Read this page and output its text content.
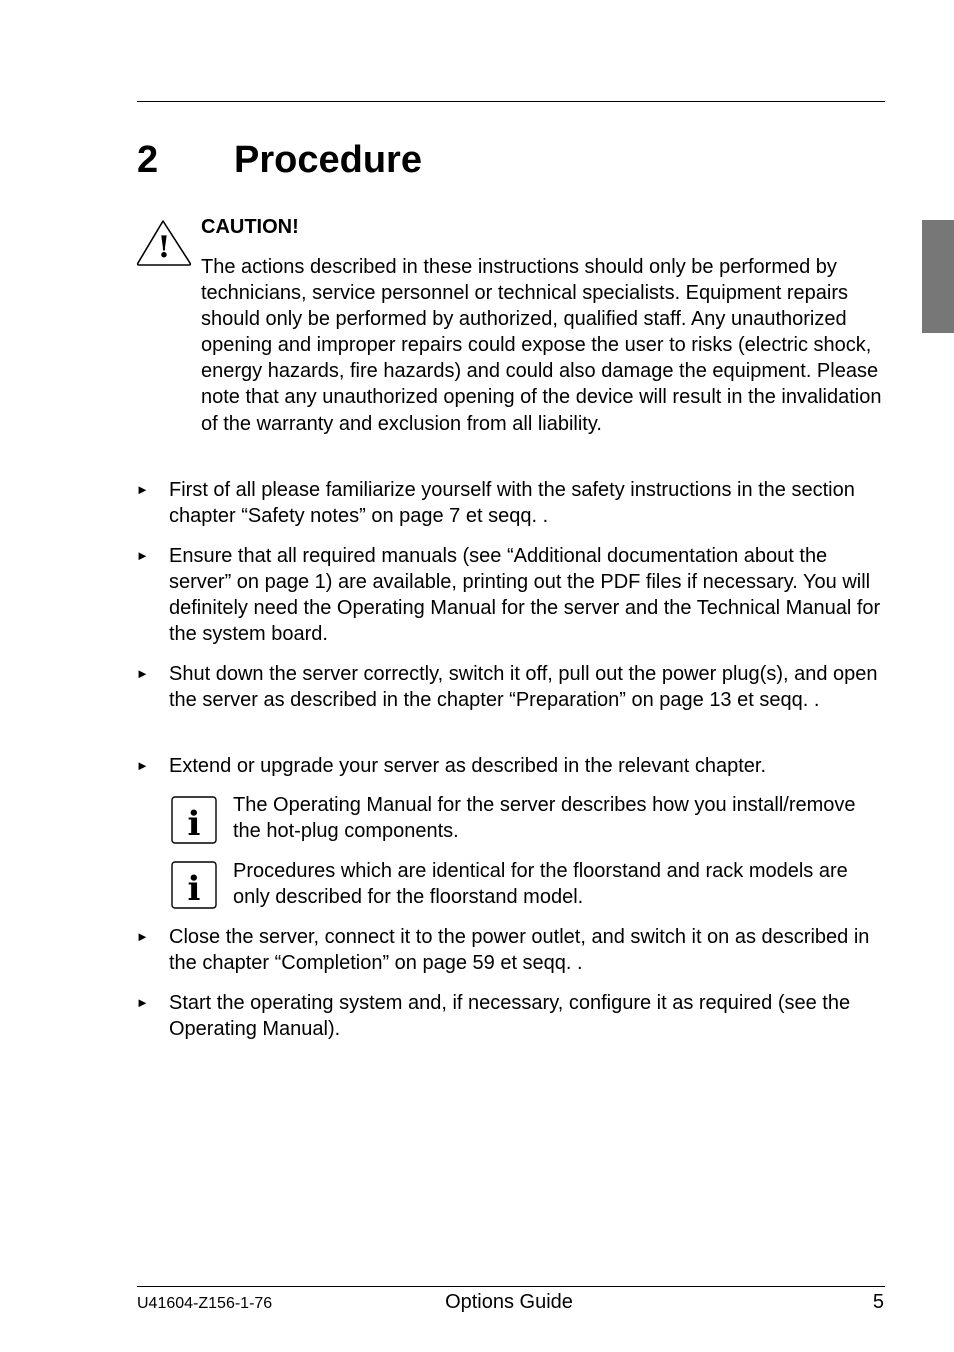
2 Procedure
!
CAUTION!
The actions described in these instructions should only be performed by technicians, service personnel or technical specialists. Equipment repairs should only be performed by authorized, qualified staff. Any unauthorized opening and improper repairs could expose the user to risks (electric shock, energy hazards, fire hazards) and could also damage the equipment. Please note that any unauthorized opening of the device will result in the invalidation of the warranty and exclusion from all liability.
► First of all please familiarize yourself with the safety instructions in the section chapter “Safety notes” on page 7 et seqq. .
► Ensure that all required manuals (see “Additional documentation about the server” on page 1) are available, printing out the PDF files if necessary. You will definitely need the Operating Manual for the server and the Technical Manual for the system board.
► Shut down the server correctly, switch it off, pull out the power plug(s), and open the server as described in the chapter “Preparation” on page 13 et seqq. .
► Extend or upgrade your server as described in the relevant chapter.
i The Operating Manual for the server describes how you install/remove the hot-plug components.
i Procedures which are identical for the floorstand and rack models are only described for the floorstand model.
► Close the server, connect it to the power outlet, and switch it on as described in the chapter “Completion” on page 59 et seqq. .
► Start the operating system and, if necessary, configure it as required (see the Operating Manual).
U41604-Z156-1-76	Options Guide	5
